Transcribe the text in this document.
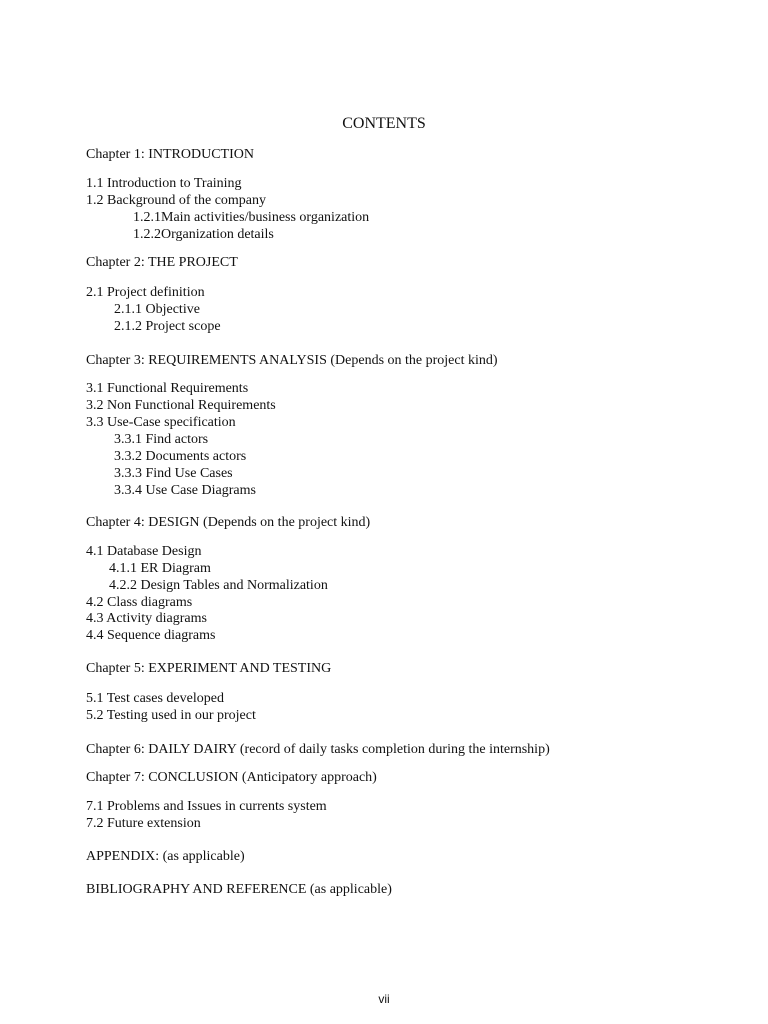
CONTENTS
Chapter 1: INTRODUCTION
1.1 Introduction to Training
1.2 Background of the company
1.2.1Main activities/business organization
1.2.2Organization details
Chapter 2: THE PROJECT
2.1 Project definition
2.1.1 Objective
2.1.2 Project scope
Chapter 3: REQUIREMENTS ANALYSIS (Depends on the project kind)
3.1 Functional Requirements
3.2 Non Functional Requirements
3.3 Use-Case specification
3.3.1 Find actors
3.3.2 Documents actors
3.3.3 Find Use Cases
3.3.4 Use Case Diagrams
Chapter 4: DESIGN (Depends on the project kind)
4.1 Database Design
4.1.1 ER Diagram
4.2.2 Design Tables and Normalization
4.2 Class diagrams
4.3 Activity diagrams
4.4 Sequence diagrams
Chapter 5: EXPERIMENT AND TESTING
5.1 Test cases developed
5.2 Testing used in our project
Chapter 6: DAILY DAIRY (record of daily tasks completion during the internship)
Chapter 7: CONCLUSION (Anticipatory approach)
7.1 Problems and Issues in currents system
7.2 Future extension
APPENDIX: (as applicable)
BIBLIOGRAPHY AND REFERENCE (as applicable)
vii
